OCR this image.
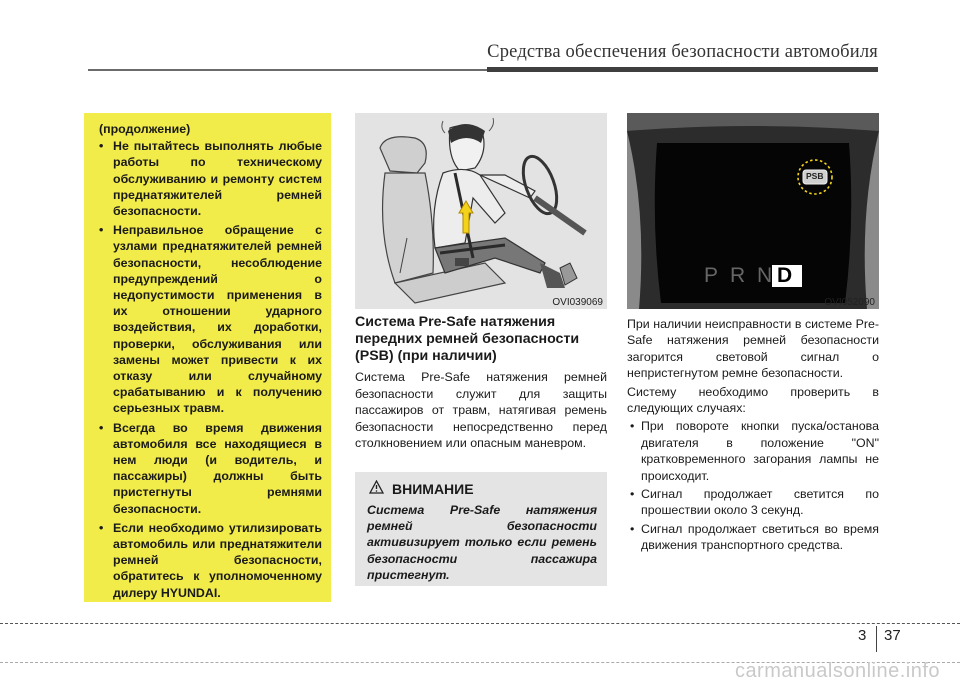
Средства обеспечения безопасности автомобиля
(продолжение)
• Не пытайтесь выполнять любые работы по техническому обслуживанию и ремонту систем преднатяжителей ремней безопасности.
• Неправильное обращение с узлами преднатяжителей ремней безопасности, несоблюдение предупреждений о недопустимости применения в их отношении ударного воздействия, их доработки, проверки, обслуживания или замены может привести к их отказу или случайному срабатыванию и к получению серьезных травм.
• Всегда во время движения автомобиля все находящиеся в нем люди (и водитель, и пассажиры) должны быть пристегнуты ремнями безопасности.
• Если необходимо утилизировать автомобиль или преднатяжители ремней безопасности, обратитесь к уполномоченному дилеру HYUNDAI.
OVI039069
PSB
P R N D
OVI052090
Система Pre-Safe натяжения передних ремней безопасности (PSB) (при наличии)
Система Pre-Safe натяжения ремней безопасности служит для защиты пассажиров от травм, натягивая ремень безопасности непосредственно перед столкновением или опасным маневром.
ВНИМАНИЕ
Система Pre-Safe натяжения ремней безопасности активизирует только если ремень безопасности пассажира пристегнут.

При наличии неисправности в системе Pre-Safe натяжения ремней безопасности загорится световой сигнал о непристегнутом ремне безопасности.

Систему необходимо проверить в следующих случаях:

• При повороте кнопки пуска/останова двигателя в положение "ON" кратковременного загорания лампы не происходит.
• Сигнал продолжает светится по прошествии около 3 секунд.
• Сигнал продолжает светиться во время движения транспортного средства.
3 37
carmanualsonline.info
